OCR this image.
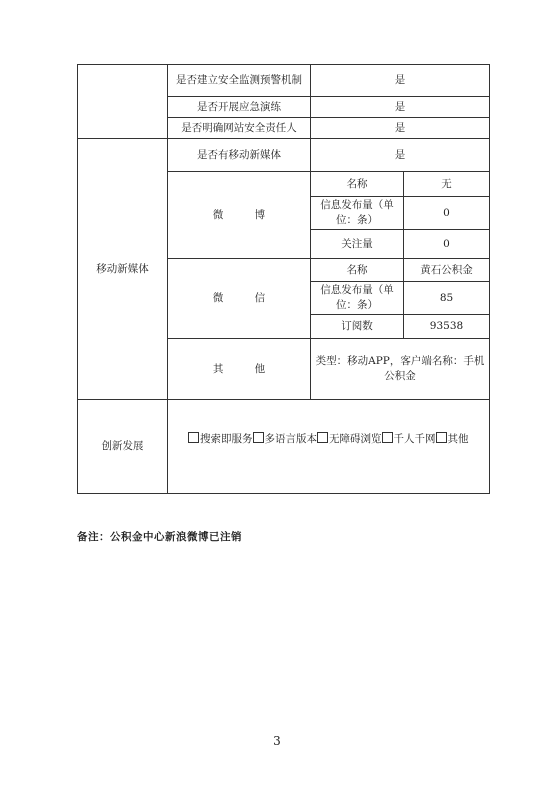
	是否建立安全监测预警机制	是	
	是否开展应急演练	是	
	是否明确网站安全责任人	是	
移动新媒体	是否有移动新媒体	是	
	微 博	名称	无
		信息发布量（单位：条）	0
		关注量	0
	微 信	名称	黄石公积金
		信息发布量（单位：条）	85
		订阅数	93538
	其 他	类型：移动APP，客户端名称：手机公积金	
创新发展	搜索即服务 多语言版本 无障碍浏览 千人千网 其他		
备注：公积金中心新浪微博已注销
3
